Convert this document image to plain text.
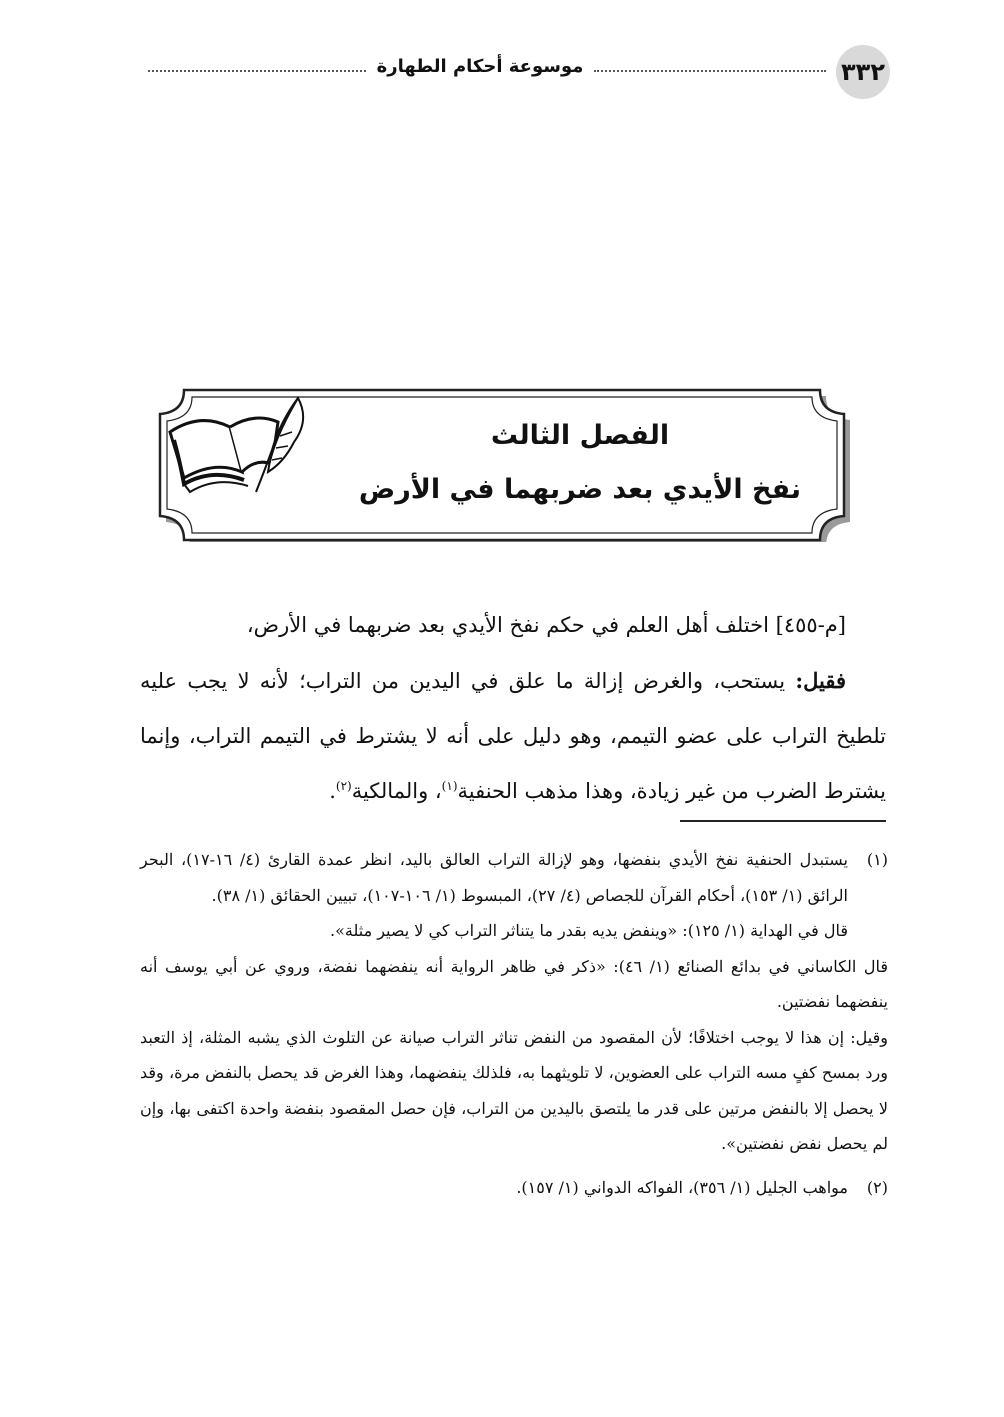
٣٣٢
موسوعة أحكام الطهارة
الفصل الثالث
نفخ الأيدي بعد ضربهما في الأرض

[م-٤٥٥] اختلف أهل العلم في حكم نفخ الأيدي بعد ضربهما في الأرض،

فقيل: يستحب، والغرض إزالة ما علق في اليدين من التراب؛ لأنه لا يجب عليه تلطيخ التراب على عضو التيمم، وهو دليل على أنه لا يشترط في التيمم التراب، وإنما يشترط الضرب من غير زيادة، وهذا مذهب الحنفية$^{(١)}$، والمالكية$^{(٢)}$.

(١)
يستبدل الحنفية نفخ الأيدي بنفضها، وهو لإزالة التراب العالق باليد، انظر عمدة القارئ (٤/ ١٦-١٧)، البحر الرائق (١/ ١٥٣)، أحكام القرآن للجصاص (٤/ ٢٧)، المبسوط (١/ ١٠٦-١٠٧)، تبيين الحقائق (١/ ٣٨).

قال في الهداية (١/ ١٢٥): «وينفض يديه بقدر ما يتناثر التراب كي لا يصير مثلة».

قال الكاساني في بدائع الصنائع (١/ ٤٦): «ذكر في ظاهر الرواية أنه ينفضهما نفضة، وروي عن أبي يوسف أنه ينفضهما نفضتين.

وقيل: إن هذا لا يوجب اختلافًا؛ لأن المقصود من النفض تناثر التراب صيانة عن التلوث الذي يشبه المثلة، إذ التعبد ورد بمسح كفٍ مسه التراب على العضوين، لا تلويثهما به، فلذلك ينفضهما، وهذا الغرض قد يحصل بالنفض مرة، وقد لا يحصل إلا بالنفض مرتين على قدر ما يلتصق باليدين من التراب، فإن حصل المقصود بنفضة واحدة اكتفى بها، وإن لم يحصل نفض نفضتين».

(٢)
مواهب الجليل (١/ ٣٥٦)، الفواكه الدواني (١/ ١٥٧).
